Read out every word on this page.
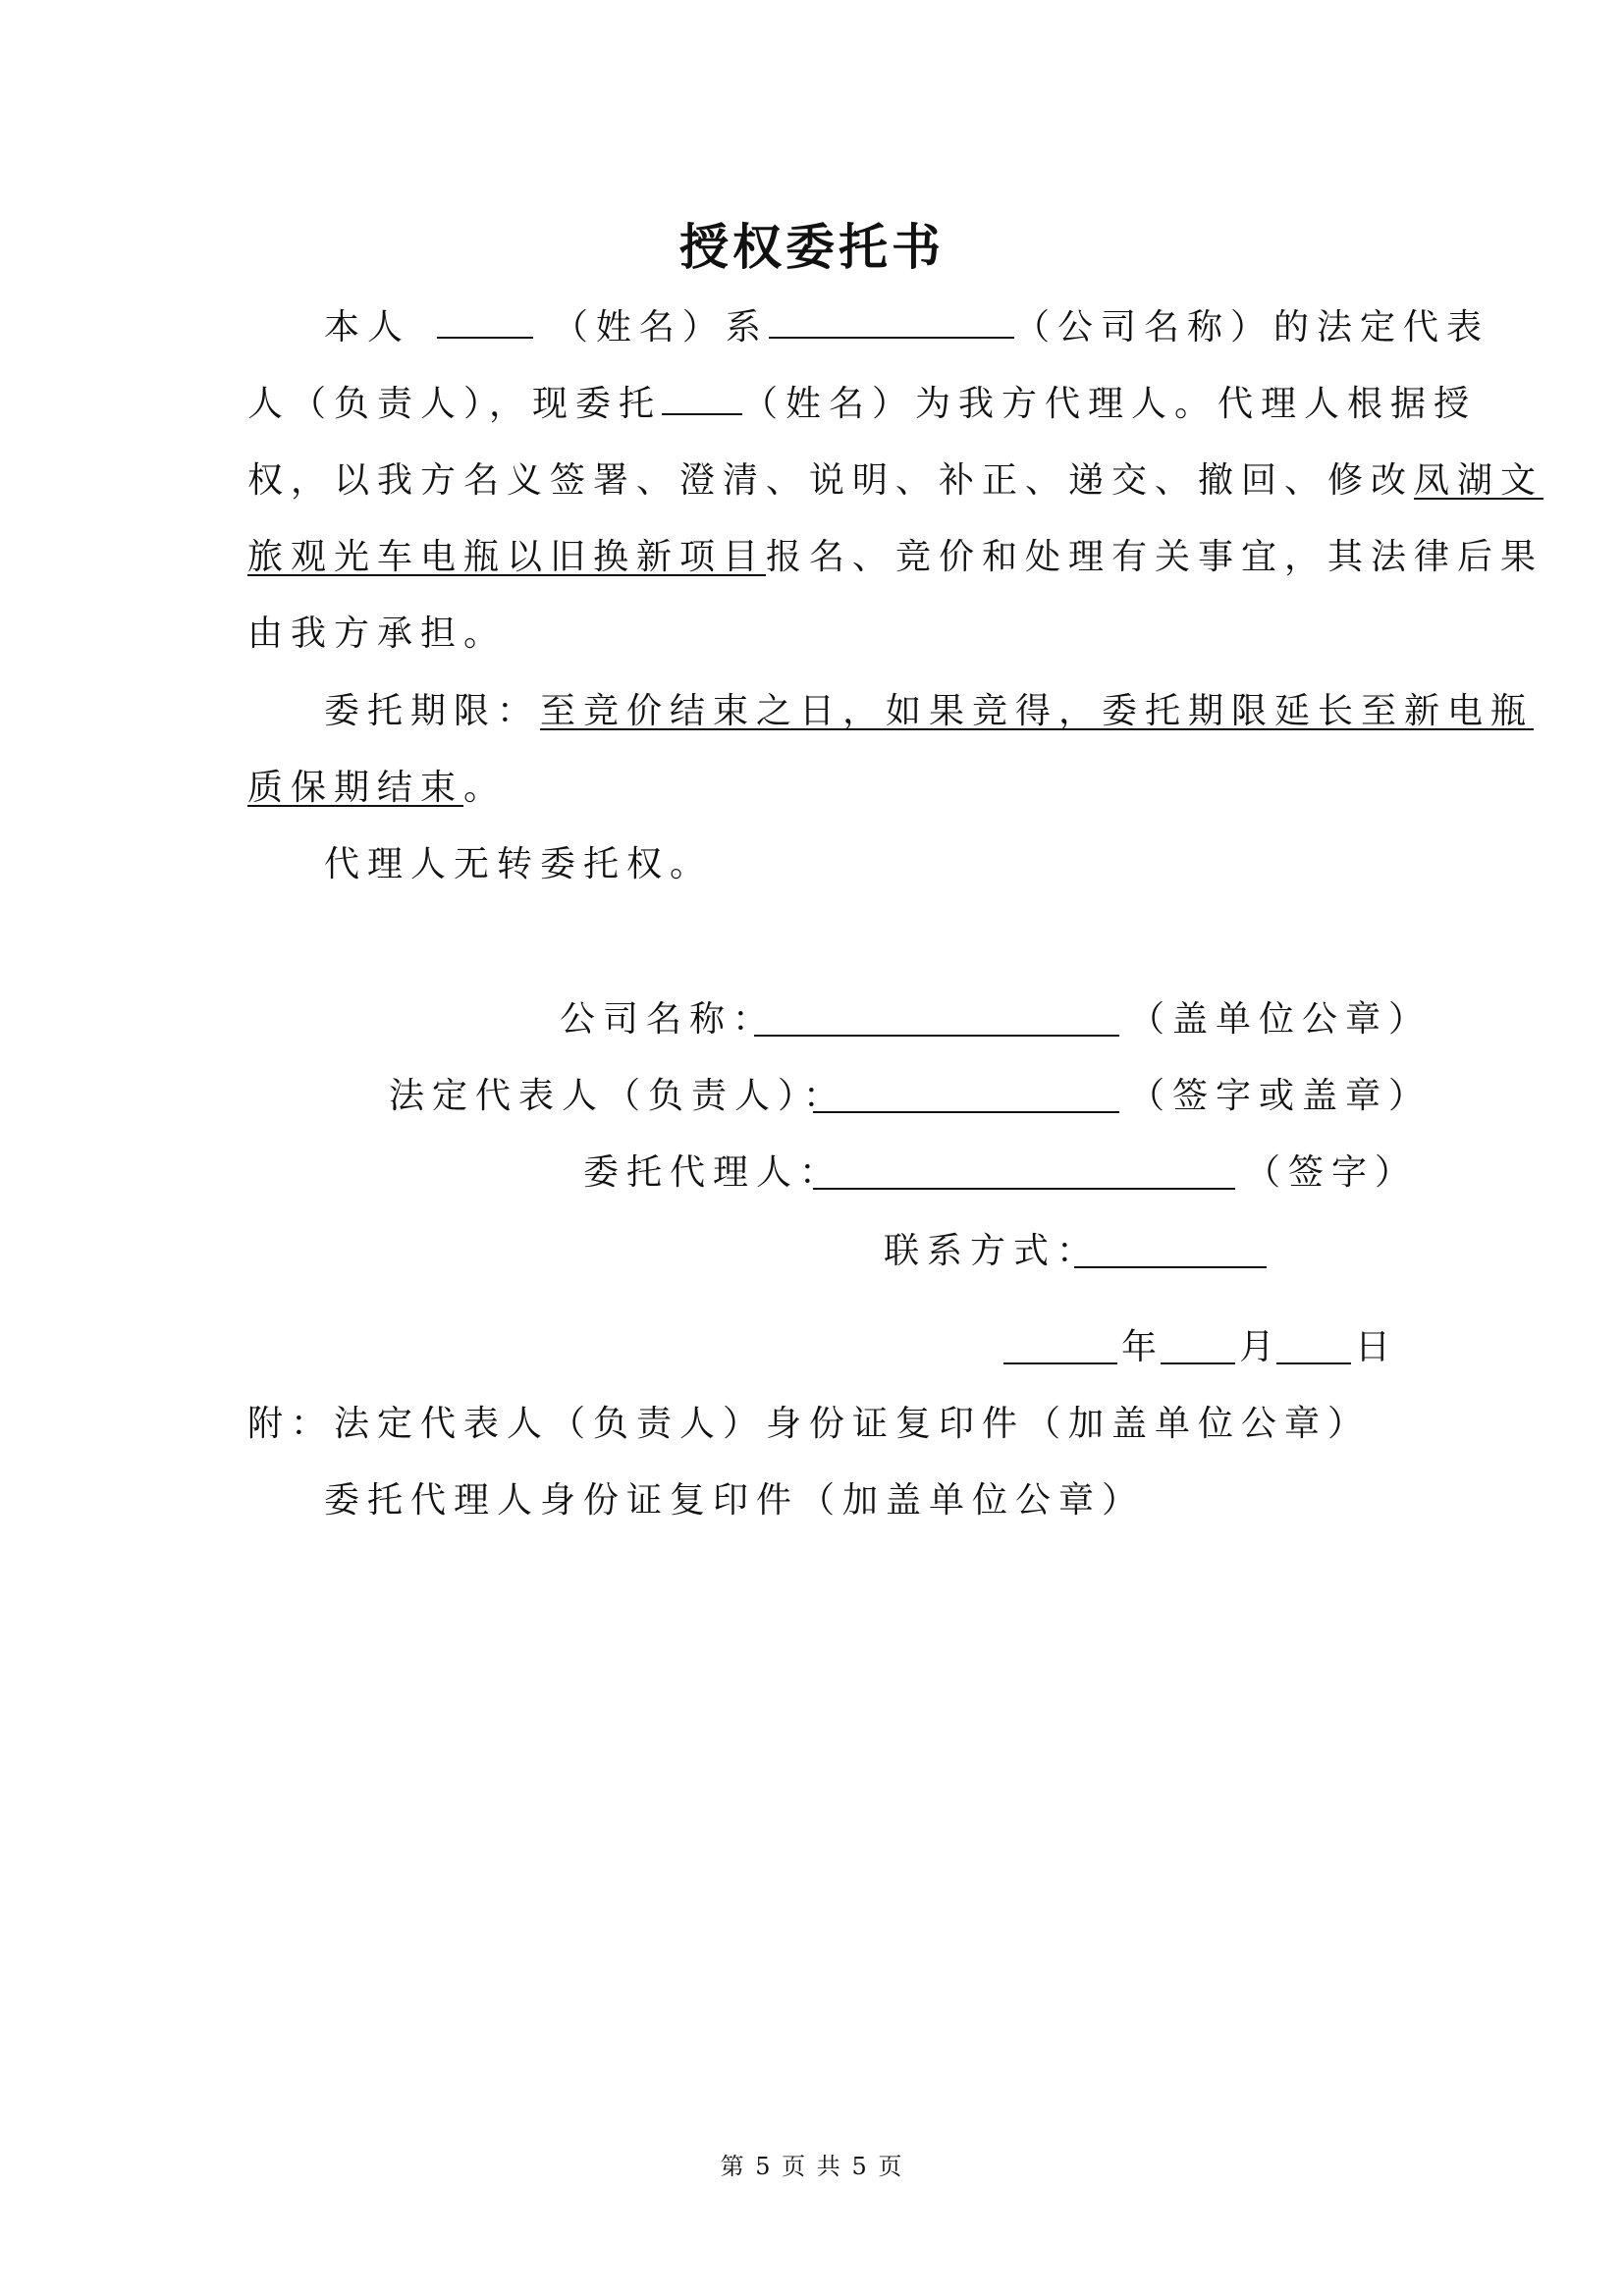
授权委托书
本人	（姓名）系	（公司名称）的法定代表
人（负责人），现委托 （姓名）为我方代理人。代理人根据授
权，以我方名义签署、澄清、说明、补正、递交、撤回、修改凤湖文
旅观光车电瓶以旧换新项目报名、竞价和处理有关事宜，其法律后果
由我方承担。
委托期限：至竞价结束之日，如果竞得，委托期限延长至新电瓶
质保期结束。
代理人无转委托权。
公司名称：	（盖单位公章）
法定代表人（负责人）：	（签字或盖章）
委托代理人：	（签字）
联系方式：
年 月 日
附：法定代表人（负责人）身份证复印件（加盖单位公章）
委托代理人身份证复印件（加盖单位公章）
第 5 页 共 5 页
